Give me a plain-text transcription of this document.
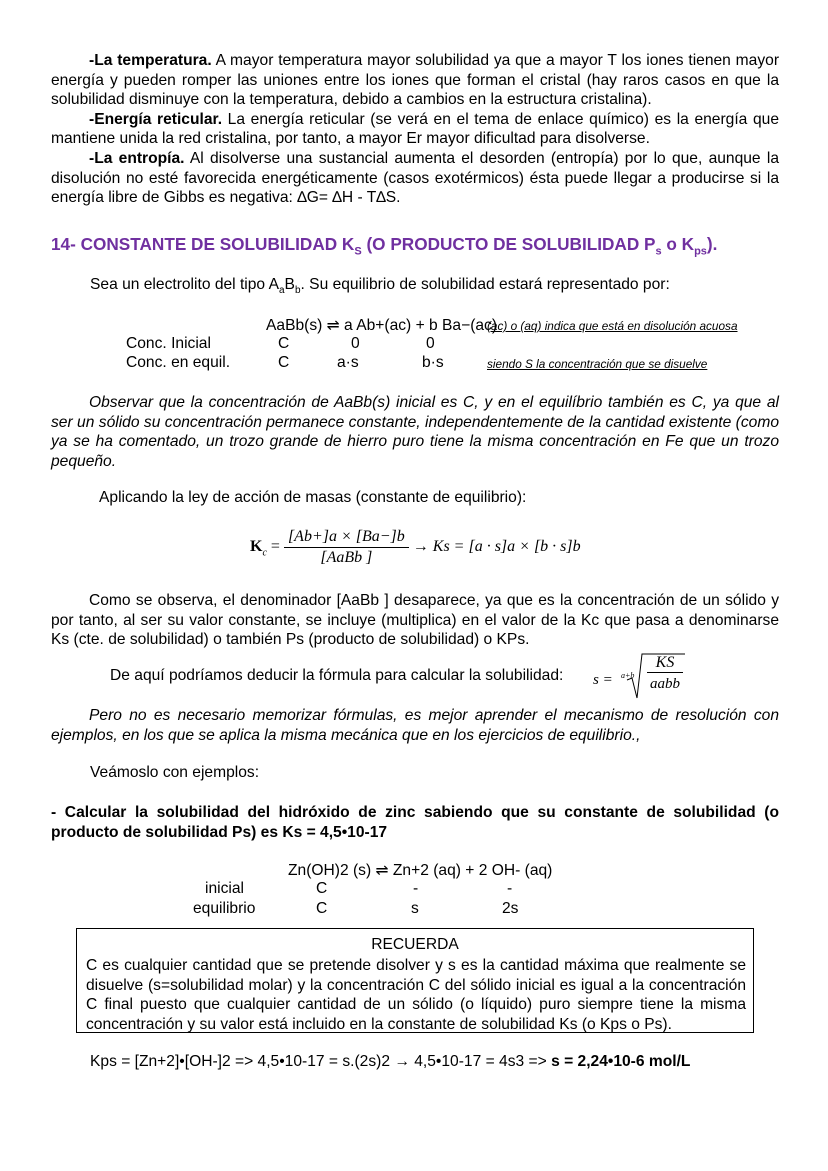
-La temperatura. A mayor temperatura mayor solubilidad ya que a mayor T los iones tienen mayor energía y pueden romper las uniones entre los iones que forman el cristal (hay raros casos en que la solubilidad disminuye con la temperatura, debido a cambios en la estructura cristalina).

-Energía reticular. La energía reticular (se verá en el tema de enlace químico) es la energía que mantiene unida la red cristalina, por tanto, a mayor Er mayor dificultad para disolverse.

-La entropía. Al disolverse una sustancial aumenta el desorden (entropía) por lo que, aunque la disolución no esté favorecida energéticamente (casos exotérmicos) ésta puede llegar a producirse si la energía libre de Gibbs es negativa: ∆G= ∆H - T∆S.

14- CONSTANTE DE SOLUBILIDAD $K_S$ (O PRODUCTO DE SOLUBILIDAD $P_s$ o $K_{ps}$).
Sea un electrolito del tipo $A_aB_b$. Su equilibrio de solubilidad estará representado por:
AaBb(s) ⇌ a Ab+(ac) + b Ba−(ac)
(ac) o (aq) indica que está en disolución acuosa
Conc. Inicial	C	0	0
Conc. en equil.	C	a·s	b·s	siendo S la concentración que se disuelve

Observar que la concentración de AaBb(s) inicial es C, y en el equilíbrio también es C, ya que al ser un sólido su concentración permanece constante, independentemente de la cantidad existente (como ya se ha comentado, un trozo grande de hierro puro tiene la misma concentración en Fe que un trozo pequeño.

Aplicando la ley de acción de masas (constante de equilibrio):
$K_c = \frac{[Ab+]a \times [Ba-]b}{\text{[AaBb ]}} \to Ks = [a \cdot s]a \times [b \cdot s]b$

Como se observa, el denominador [AaBb ] desaparece, ya que es la concentración de un sólido y por tanto, al ser su valor constante, se incluye (multiplica) en el valor de la Kc que pasa a denominarse Ks (cte. de solubilidad) o también Ps (producto de solubilidad) o KPs.

De aquí podríamos deducir la fórmula para calcular la solubilidad: s = a+b
KS
aabb

Pero no es necesario memorizar fórmulas, es mejor aprender el mecanismo de resolución con ejemplos, en los que se aplica la misma mecánica que en los ejercicios de equilibrio.,

Veámoslo con ejemplos:

- Calcular la solubilidad del hidróxido de zinc sabiendo que su constante de solubilidad (o producto de solubilidad Ps) es Ks = 4,5•10-17

Zn(OH)2 (s) ⇌ Zn+2 (aq) + 2 OH- (aq)
inicial	C	-	-
equilibrio	C	s	2s
RECUERDA
C es cualquier cantidad que se pretende disolver y s es la cantidad máxima que realmente se disuelve (s=solubilidad molar) y la concentración C del sólido inicial es igual a la concentración C final puesto que cualquier cantidad de un sólido (o líquido) puro siempre tiene la misma concentración y su valor está incluido en la constante de solubilidad Ks (o Kps o Ps).
Kps = [Zn+2]•[OH-]2 => 4,5•10-17 = s.(2s)2 → 4,5•10-17 = 4s3 => s = 2,24•10-6 mol/L
